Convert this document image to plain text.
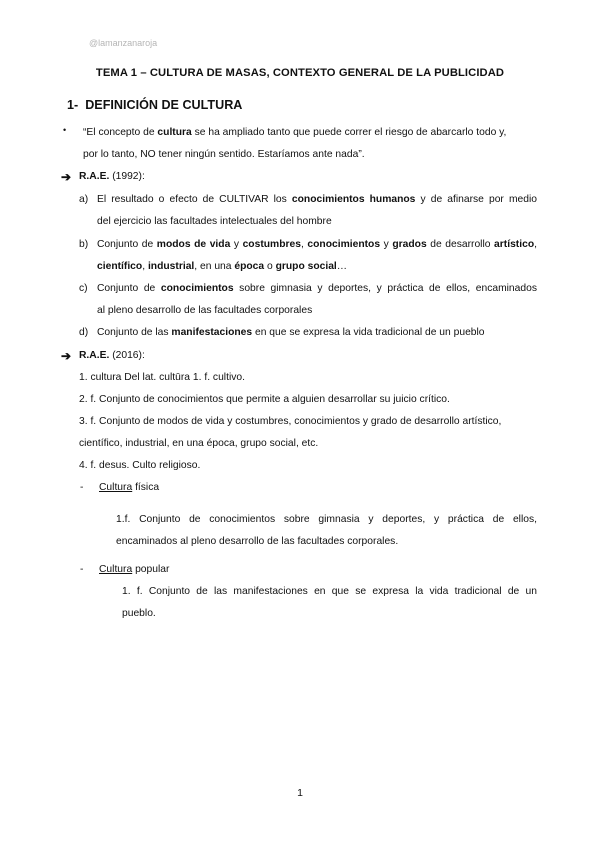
@lamanzanaroja
TEMA 1 – CULTURA DE MASAS, CONTEXTO GENERAL DE LA PUBLICIDAD
1- DEFINICIÓN DE CULTURA
• “El concepto de cultura se ha ampliado tanto que puede correr el riesgo de abarcarlo todo y,
por lo tanto, NO tener ningún sentido. Estaríamos ante nada”.
➔ R.A.E. (1992):
a) El resultado o efecto de CULTIVAR los conocimientos humanos y de afinarse por medio
del ejercicio las facultades intelectuales del hombre
b) Conjunto de modos de vida y costumbres, conocimientos y grados de desarrollo artístico,
científico, industrial, en una época o grupo social…
c) Conjunto de conocimientos sobre gimnasia y deportes, y práctica de ellos, encaminados
al pleno desarrollo de las facultades corporales
d) Conjunto de las manifestaciones en que se expresa la vida tradicional de un pueblo
➔ R.A.E. (2016):
1. cultura Del lat. cultūra 1. f. cultivo.
2. f. Conjunto de conocimientos que permite a alguien desarrollar su juicio crítico.
3. f. Conjunto de modos de vida y costumbres, conocimientos y grado de desarrollo artístico,
científico, industrial, en una época, grupo social, etc.
4. f. desus. Culto religioso.
- Cultura física
1.f. Conjunto de conocimientos sobre gimnasia y deportes, y práctica de ellos,
encaminados al pleno desarrollo de las facultades corporales.
- Cultura popular
1. f. Conjunto de las manifestaciones en que se expresa la vida tradicional de un
pueblo.
1
